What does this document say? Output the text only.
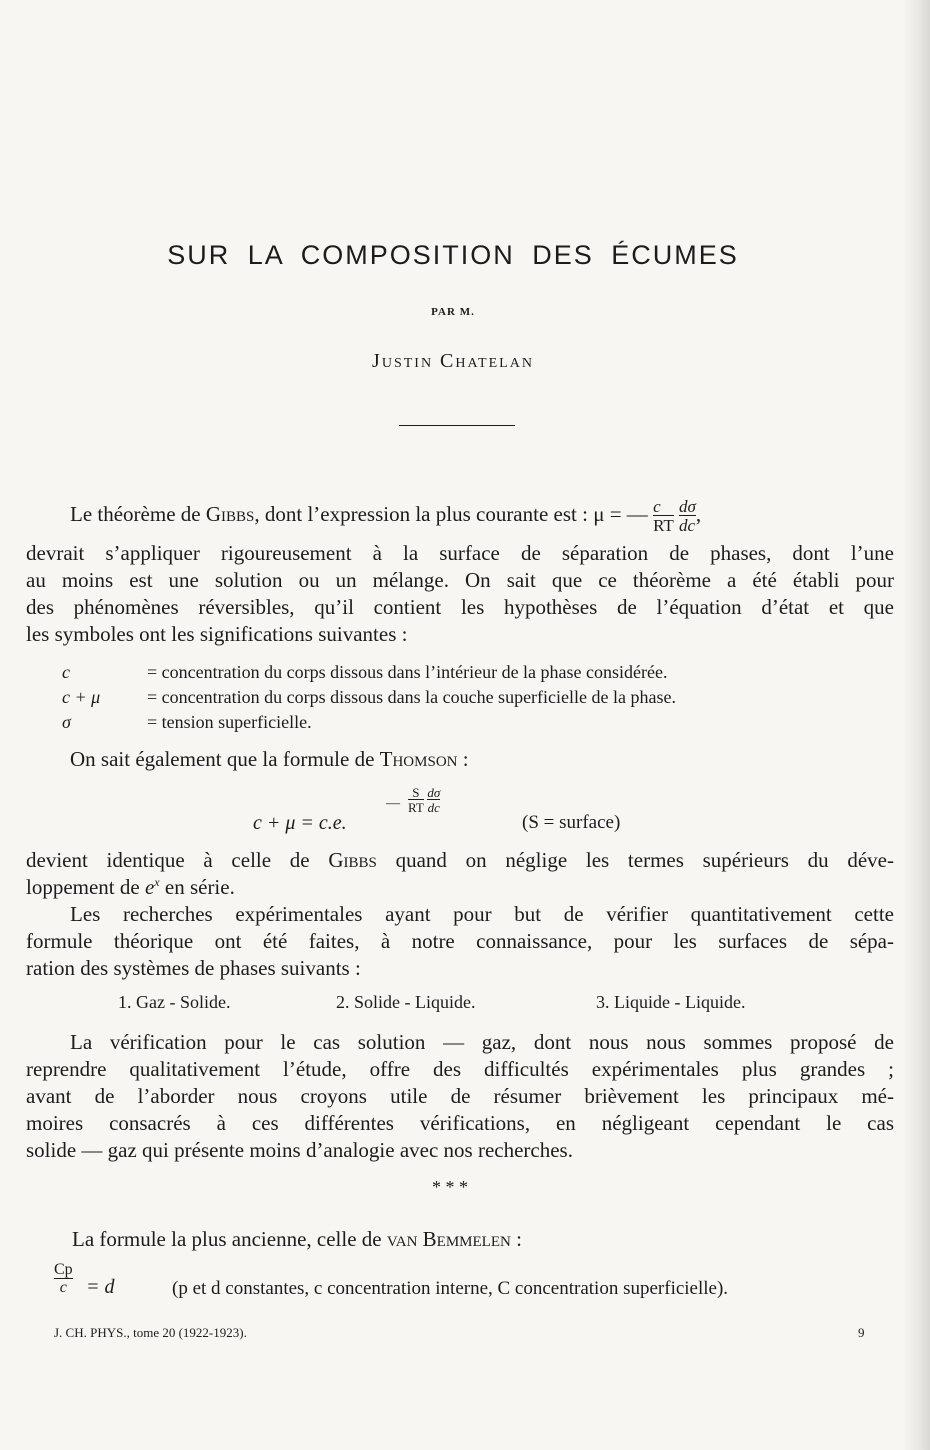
SUR LA COMPOSITION DES ÉCUMES
PAR M.
Justin Chatelan
Le théorème de Gibbs, dont l’expression la plus courante est : μ = — $\frac{c}{RT}$
$\frac{d\sigma}{dc}$ ,
devrait s’appliquer rigoureusement à la surface de séparation de phases, dont l’une
au moins est une solution ou un mélange. On sait que ce théorème a été établi pour
des phénomènes réversibles, qu’il contient les hypothèses de l’équation d’état et que
les symboles ont les significations suivantes :
c	= concentration du corps dissous dans l’intérieur de la phase considérée.
c + μ	= concentration du corps dissous dans la couche superficielle de la phase.
σ	= tension superficielle.
On sait également que la formule de Thomson :
— $\frac{S}{RT}$
$\frac{d\sigma}{dc}$
c + μ = c.e.	(S = surface)
devient identique à celle de Gibbs quand on néglige les termes supérieurs du déve-
loppement de $e^x$ en série.
Les recherches expérimentales ayant pour but de vérifier quantitativement cette
formule théorique ont été faites, à notre connaissance, pour les surfaces de sépa-
ration des systèmes de phases suivants :
1. Gaz - Solide.	2. Solide - Liquide.	3. Liquide - Liquide.
La vérification pour le cas solution — gaz, dont nous nous sommes proposé de
reprendre qualitativement l’étude, offre des difficultés expérimentales plus grandes ;
avant de l’aborder nous croyons utile de résumer brièvement les principaux mé-
moires consacrés à ces différentes vérifications, en négligeant cependant le cas
solide — gaz qui présente moins d’analogie avec nos recherches.
* * *
La formule la plus ancienne, celle de van Bemmelen :
$\frac{Cp}{c} = d$	(p et d constantes, c concentration interne, C concentration superficielle).
J. CH. PHYS., tome 20 (1922-1923).	9
